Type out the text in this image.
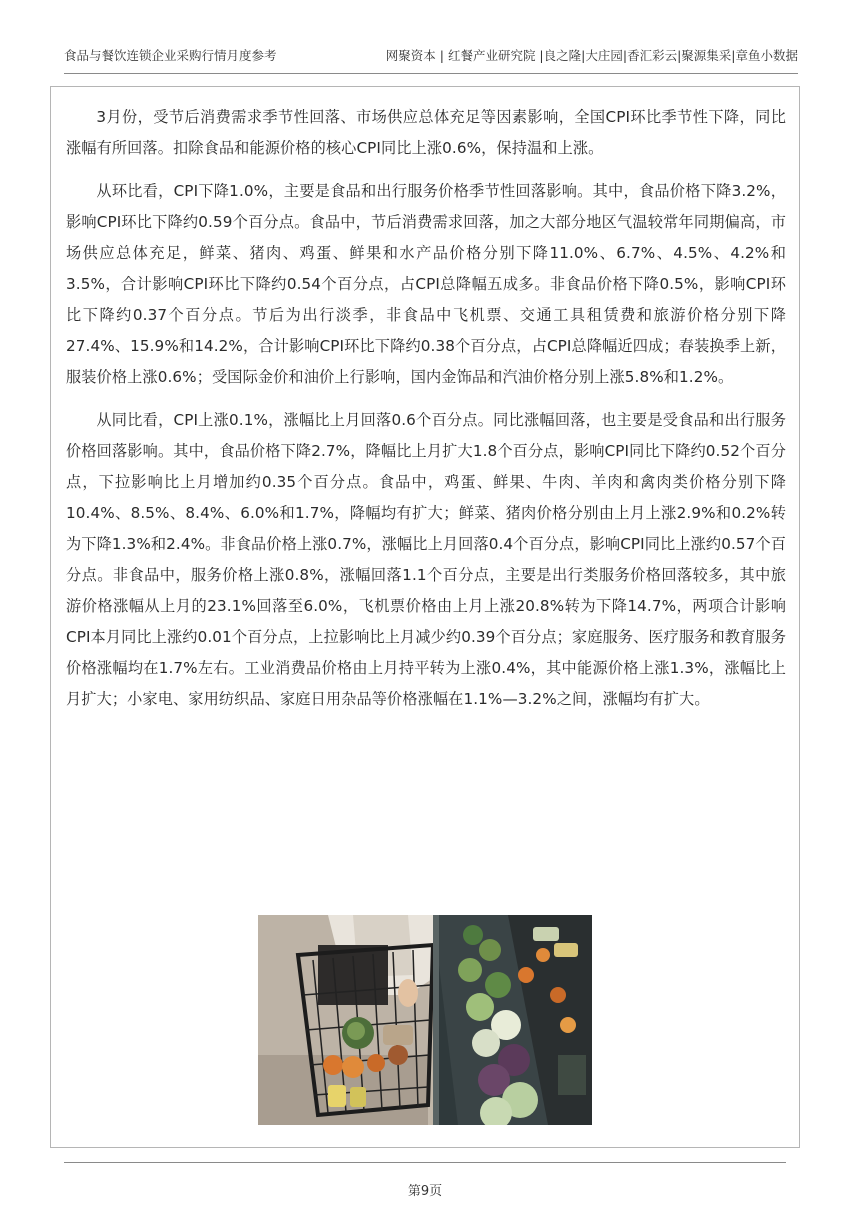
食品与餐饮连锁企业采购行情月度参考	网聚资本 | 红餐产业研究院 |良之隆|大庄园|香汇彩云|聚源集采|章鱼小数据

3月份，受节后消费需求季节性回落、市场供应总体充足等因素影响，全国CPI环比季节性下降，同比涨幅有所回落。扣除食品和能源价格的核心CPI同比上涨0.6%，保持温和上涨。

从环比看，CPI下降1.0%，主要是食品和出行服务价格季节性回落影响。其中，食品价格下降3.2%，影响CPI环比下降约0.59个百分点。食品中，节后消费需求回落，加之大部分地区气温较常年同期偏高，市场供应总体充足，鲜菜、猪肉、鸡蛋、鲜果和水产品价格分别下降11.0%、6.7%、4.5%、4.2%和3.5%，合计影响CPI环比下降约0.54个百分点，占CPI总降幅五成多。非食品价格下降0.5%，影响CPI环比下降约0.37个百分点。节后为出行淡季，非食品中飞机票、交通工具租赁费和旅游价格分别下降27.4%、15.9%和14.2%，合计影响CPI环比下降约0.38个百分点，占CPI总降幅近四成；春装换季上新，服装价格上涨0.6%；受国际金价和油价上行影响，国内金饰品和汽油价格分别上涨5.8%和1.2%。

从同比看，CPI上涨0.1%，涨幅比上月回落0.6个百分点。同比涨幅回落，也主要是受食品和出行服务价格回落影响。其中，食品价格下降2.7%，降幅比上月扩大1.8个百分点，影响CPI同比下降约0.52个百分点，下拉影响比上月增加约0.35个百分点。食品中，鸡蛋、鲜果、牛肉、羊肉和禽肉类价格分别下降10.4%、8.5%、8.4%、6.0%和1.7%，降幅均有扩大；鲜菜、猪肉价格分别由上月上涨2.9%和0.2%转为下降1.3%和2.4%。非食品价格上涨0.7%，涨幅比上月回落0.4个百分点，影响CPI同比上涨约0.57个百分点。非食品中，服务价格上涨0.8%，涨幅回落1.1个百分点，主要是出行类服务价格回落较多，其中旅游价格涨幅从上月的23.1%回落至6.0%，飞机票价格由上月上涨20.8%转为下降14.7%，两项合计影响CPI本月同比上涨约0.01个百分点，上拉影响比上月减少约0.39个百分点；家庭服务、医疗服务和教育服务价格涨幅均在1.7%左右。工业消费品价格由上月持平转为上涨0.4%，其中能源价格上涨1.3%，涨幅比上月扩大；小家电、家用纺织品、家庭日用杂品等价格涨幅在1.1%—3.2%之间，涨幅均有扩大。

第9页
